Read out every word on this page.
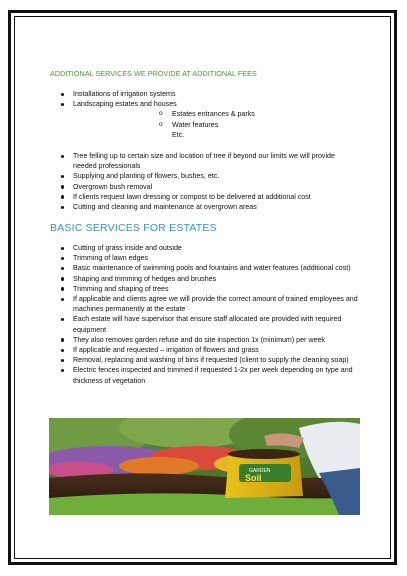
ADDITIONAL SERVICES WE PROVIDE AT ADDITIONAL FEES
Installations of irrigation systems
Landscaping estates and houses
o Estates entrances & parks
o Water features
Etc.
Tree felling up to certain size and location of tree if beyond our limits we will provide needed professionals
Supplying and planting of flowers, bushes, etc.
Overgrown bush removal
If clients request lawn dressing or compost to be delivered at additional cost
Cutting and cleaning and maintenance at overgrown areas
BASIC SERVICES FOR ESTATES
Cutting of grass inside and outside
Trimming of lawn edges
Basic maintenance of swimming pools and fountains and water features (additional cost)
Shaping and trimming of hedges and brushes
Trimming and shaping of trees
If applicable and clients agree we will provide the correct amount of trained employees and machines permanently at the estate
Each estate will have supervisor that ensure staff allocated are provided with required equipment
They also removes garden refuse and do site inspection 1x (minimum) per week
If applicable and requested – irrigation of flowers and grass
Removal, replacing and washing of bins if requested (client to supply the cleaning soap)
Electric fences inspected and trimmed if requested 1-2x per week depending on type and thickness of vegetation
GARDEN
Soil
